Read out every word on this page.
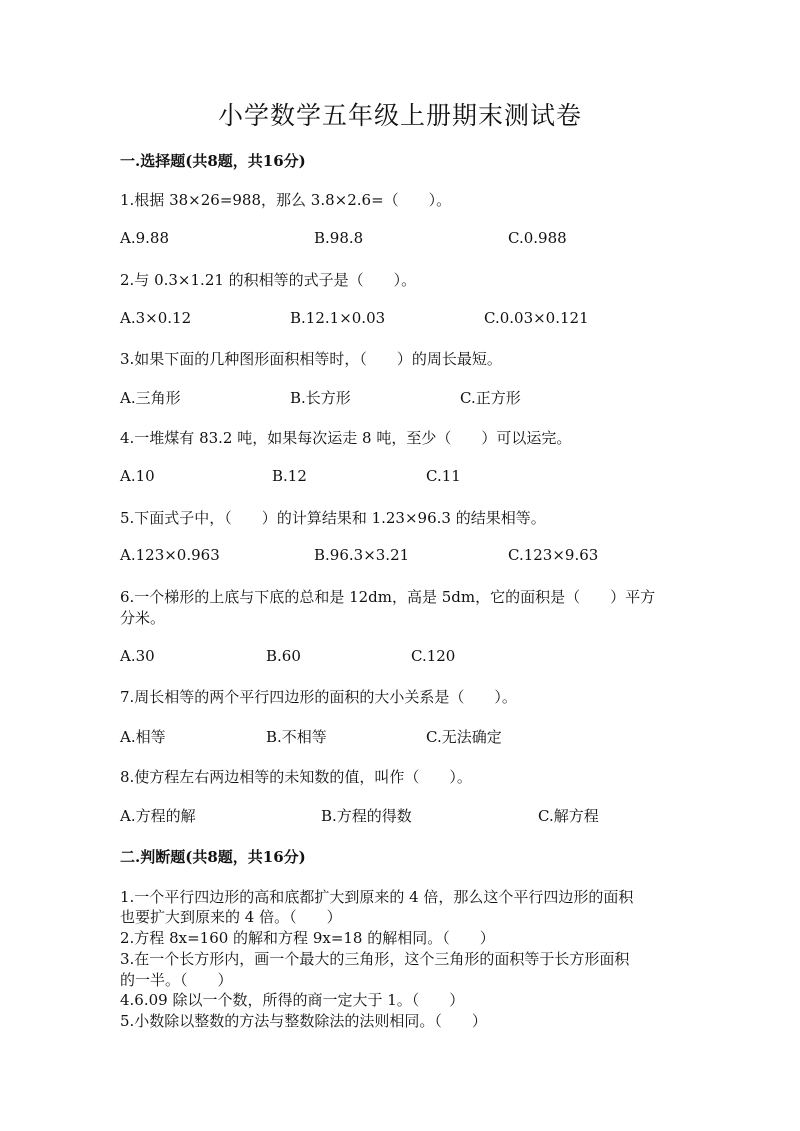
小学数学五年级上册期末测试卷
一.选择题(共8题，共16分)
1.根据 38×26=988，那么 3.8×2.6=（　　）。
A.9.88	B.98.8	C.0.988
2.与 0.3×1.21 的积相等的式子是（　　）。
A.3×0.12	B.12.1×0.03	C.0.03×0.121
3.如果下面的几种图形面积相等时，（　　）的周长最短。
A.三角形	B.长方形	C.正方形
4.一堆煤有 83.2 吨，如果每次运走 8 吨，至少（　　）可以运完。
A.10	B.12	C.11
5.下面式子中，（　　）的计算结果和 1.23×96.3 的结果相等。
A.123×0.963	B.96.3×3.21	C.123×9.63
6.一个梯形的上底与下底的总和是 12dm，高是 5dm，它的面积是（　　）平方
分米。
A.30	B.60	C.120
7.周长相等的两个平行四边形的面积的大小关系是（　　）。
A.相等	B.不相等	C.无法确定
8.使方程左右两边相等的未知数的值，叫作（　　）。
A.方程的解	B.方程的得数	C.解方程
二.判断题(共8题，共16分)
1.一个平行四边形的高和底都扩大到原来的 4 倍，那么这个平行四边形的面积
也要扩大到原来的 4 倍。（　　）
2.方程 8x=160 的解和方程 9x=18 的解相同。（　　）
3.在一个长方形内，画一个最大的三角形，这个三角形的面积等于长方形面积
的一半。（　　）
4.6.09 除以一个数，所得的商一定大于 1。（　　）
5.小数除以整数的方法与整数除法的法则相同。（　　）
